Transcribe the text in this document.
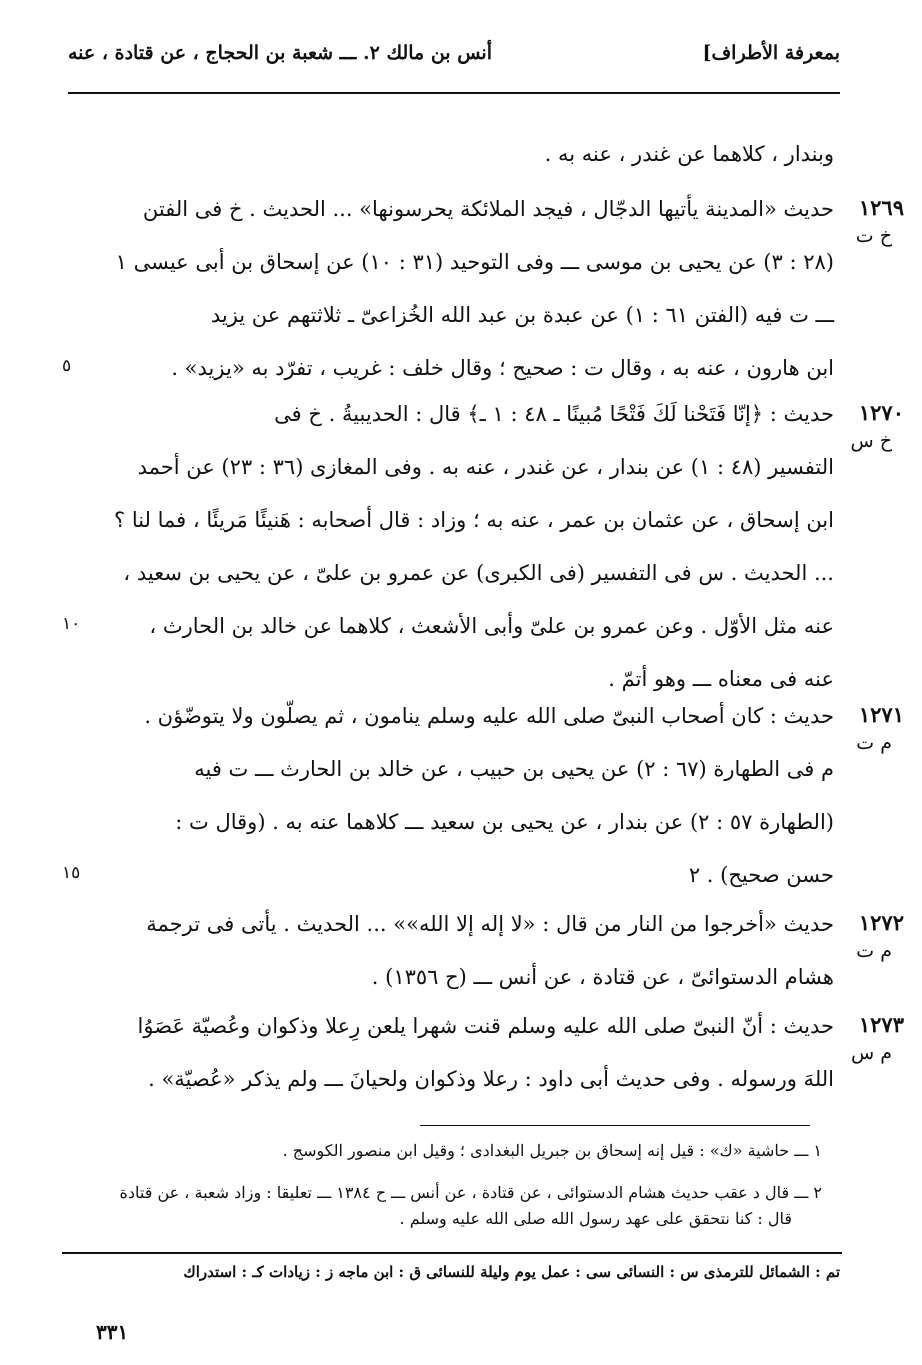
بمعرفة الأطراف]
أنس بن مالك ٢. ـــ شعبة بن الحجاج ، عن قتادة ، عنه
وبندار ، كلاهما عن غندر ، عنه به .
١٢٦٩
خ ت
حديث «المدينة يأتيها الدجّال ، فيجد الملائكة يحرسونها» ... الحديث . خ فى الفتن
(٢٨ : ٣) عن يحيى بن موسى ـــ وفى التوحيد (٣١ : ١٠) عن إسحاق بن أبى عيسى ١
ـــ ت فيه (الفتن ٦١ : ١) عن عبدة بن عبد الله الخُزاعىّ ـ ثلاثتهم عن يزيد
ابن هارون ، عنه به ، وقال ت : صحيح ؛ وقال خلف : غريب ، تفرّد به «يزيد» .
٥
١٢٧٠
خ س
حديث : ﴿إنّا فَتَحْنا لَكَ فَتْحًا مُبينًا ـ ٤٨ : ١ ـ﴾ قال : الحديبيةُ . خ فى
التفسير (٤٨ : ١) عن بندار ، عن غندر ، عنه به . وفى المغازى (٣٦ : ٢٣) عن أحمد
ابن إسحاق ، عن عثمان بن عمر ، عنه به ؛ وزاد : قال أصحابه : هَنيئًا مَريئًا ، فما لنا ؟
... الحديث . س فى التفسير (فى الكبرى) عن عمرو بن علىّ ، عن يحيى بن سعيد ،
عنه مثل الأوّل . وعن عمرو بن علىّ وأبى الأشعث ، كلاهما عن خالد بن الحارث ،
عنه فى معناه ـــ وهو أتمّ .
١٠
١٢٧١
م ت
حديث : كان أصحاب النبىّ صلى الله عليه وسلم ينامون ، ثم يصلّون ولا يتوضّؤن .
م فى الطهارة (٦٧ : ٢) عن يحيى بن حبيب ، عن خالد بن الحارث ـــ ت فيه
(الطهارة ٥٧ : ٢) عن بندار ، عن يحيى بن سعيد ـــ كلاهما عنه به . (وقال ت :
حسن صحيح) . ٢
١٥
١٢٧٢
م ت
حديث «أخرجوا من النار من قال : «لا إله إلا الله»» ... الحديث . يأتى فى ترجمة
هشام الدستوائىّ ، عن قتادة ، عن أنس ـــ (ح ١٣٥٦) .
١٢٧٣
م س
حديث : أنّ النبىّ صلى الله عليه وسلم قنت شهرا يلعن رِعلا وذكوان وعُصيّة عَصَوُا
اللهَ ورسوله . وفى حديث أبى داود : رعلا وذكوان ولحيانَ ـــ ولم يذكر «عُصيّة» .
١ ـــ حاشية «ك» : قيل إنه إسحاق بن جبريل البغدادى ؛ وقيل ابن منصور الكوسج .
٢ ـــ قال د عقب حديث هشام الدستوائى ، عن قتادة ، عن أنس ـــ ح ١٣٨٤ ـــ تعليقا : وزاد شعبة ، عن قتادة
قال : كنا نتحقق على عهد رسول الله صلى الله عليه وسلم .
تم : الشمائل للترمذى س : النسائى سى : عمل يوم وليلة للنسائى ق : ابن ماجه ز : زيادات كـ : استدراك
٣٣١
